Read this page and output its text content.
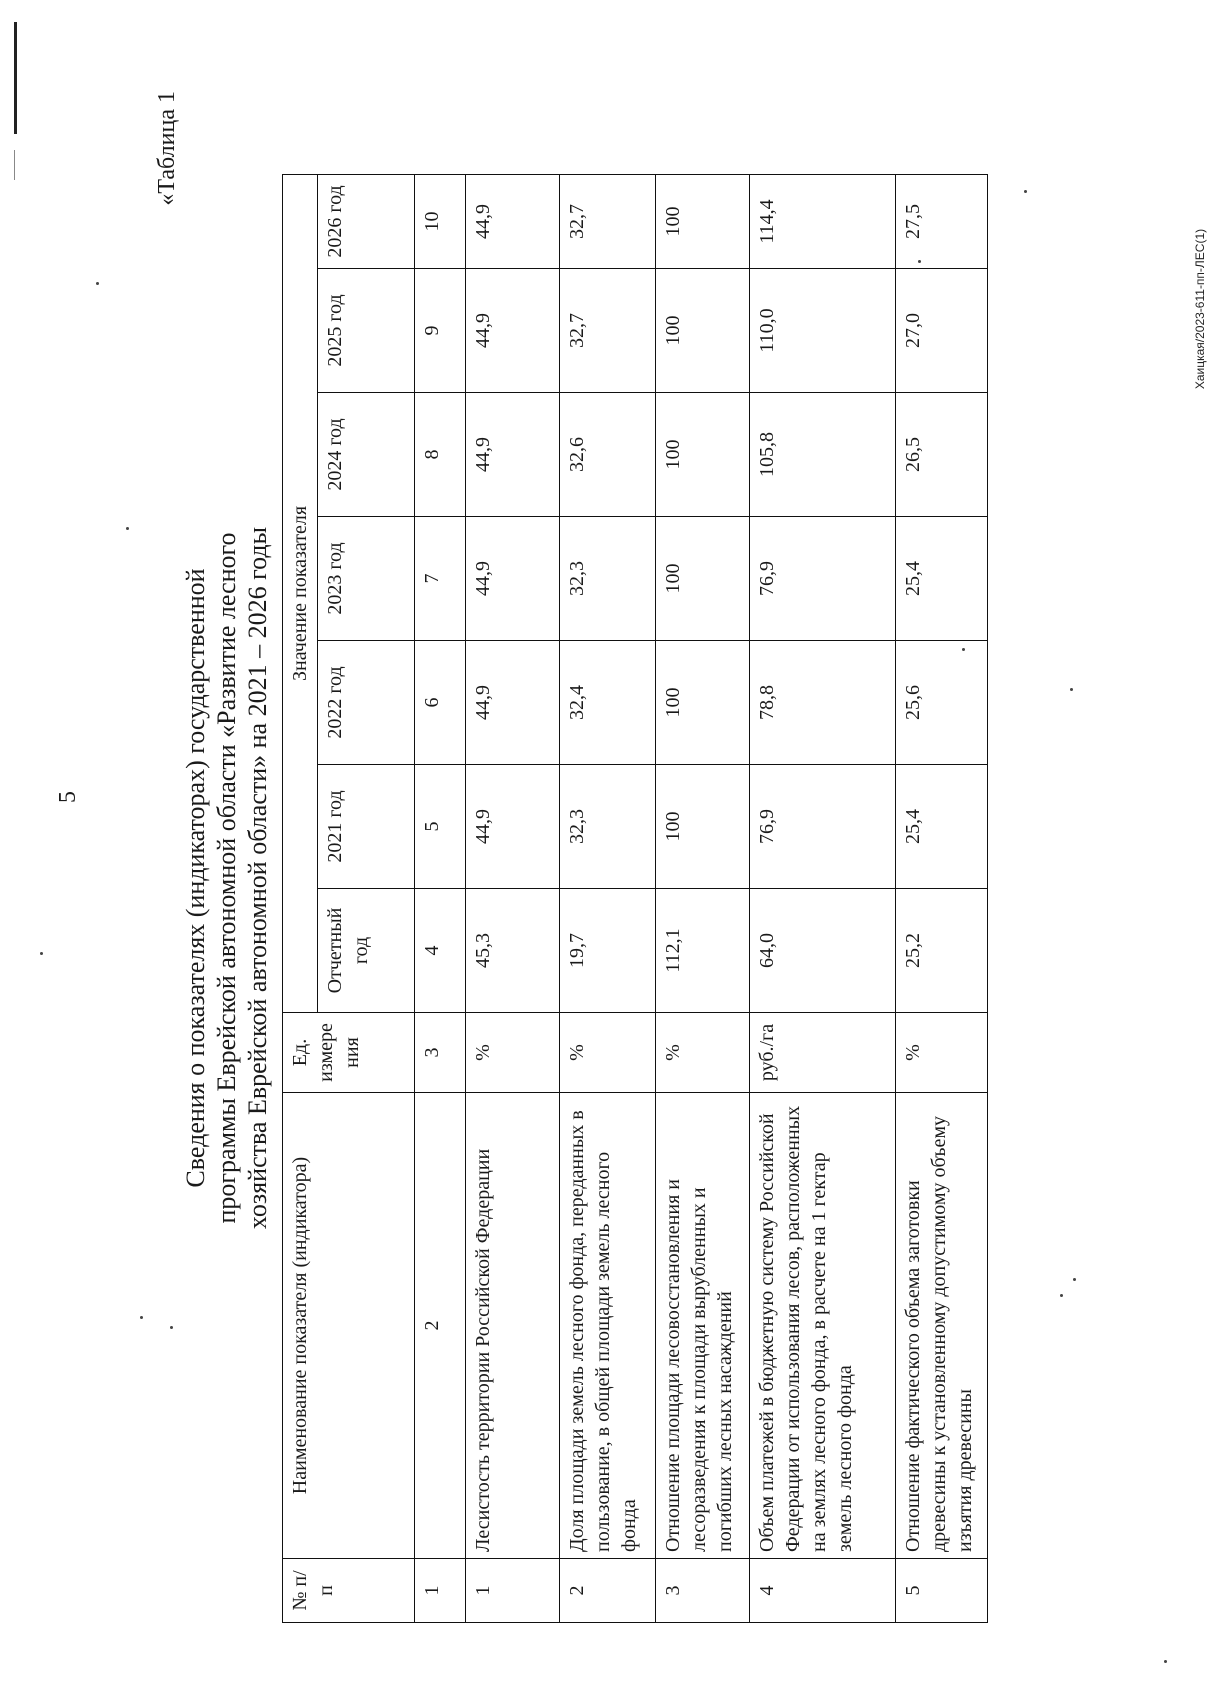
5
Хаицкая/2023-611-пп-ЛЕС(1)
«Таблица 1
Сведения о показателях (индикаторах) государственной программы Еврейской автономной области «Развитие лесного хозяйства Еврейской автономной области» на 2021 – 2026 годы
№ п/п	Наименование показателя (индикатора)	Ед. измере ния	Значение показателя						
			Отчетный год	2021 год	2022 год	2023 год	2024 год	2025 год	2026 год
1	2	3	4	5	6	7	8	9	10
1	Лесистость территории Российской Федерации	%	45,3	44,9	44,9	44,9	44,9	44,9	44,9
2	Доля площади земель лесного фонда, переданных в пользование, в общей площади земель лесного фонда	%	19,7	32,3	32,4	32,3	32,6	32,7	32,7
3	Отношение площади лесовосстановления и лесоразведения к площади вырубленных и погибших лесных насаждений	%	112,1	100	100	100	100	100	100
4	Объем платежей в бюджетную систему Российской Федерации от использования лесов, расположенных на землях лесного фонда, в расчете на 1 гектар земель лесного фонда	руб./га	64,0	76,9	78,8	76,9	105,8	110,0	114,4
5	Отношение фактического объема заготовки древесины к установленному допустимому объему изъятия древесины	%	25,2	25,4	25,6	25,4	26,5	27,0	27,5
